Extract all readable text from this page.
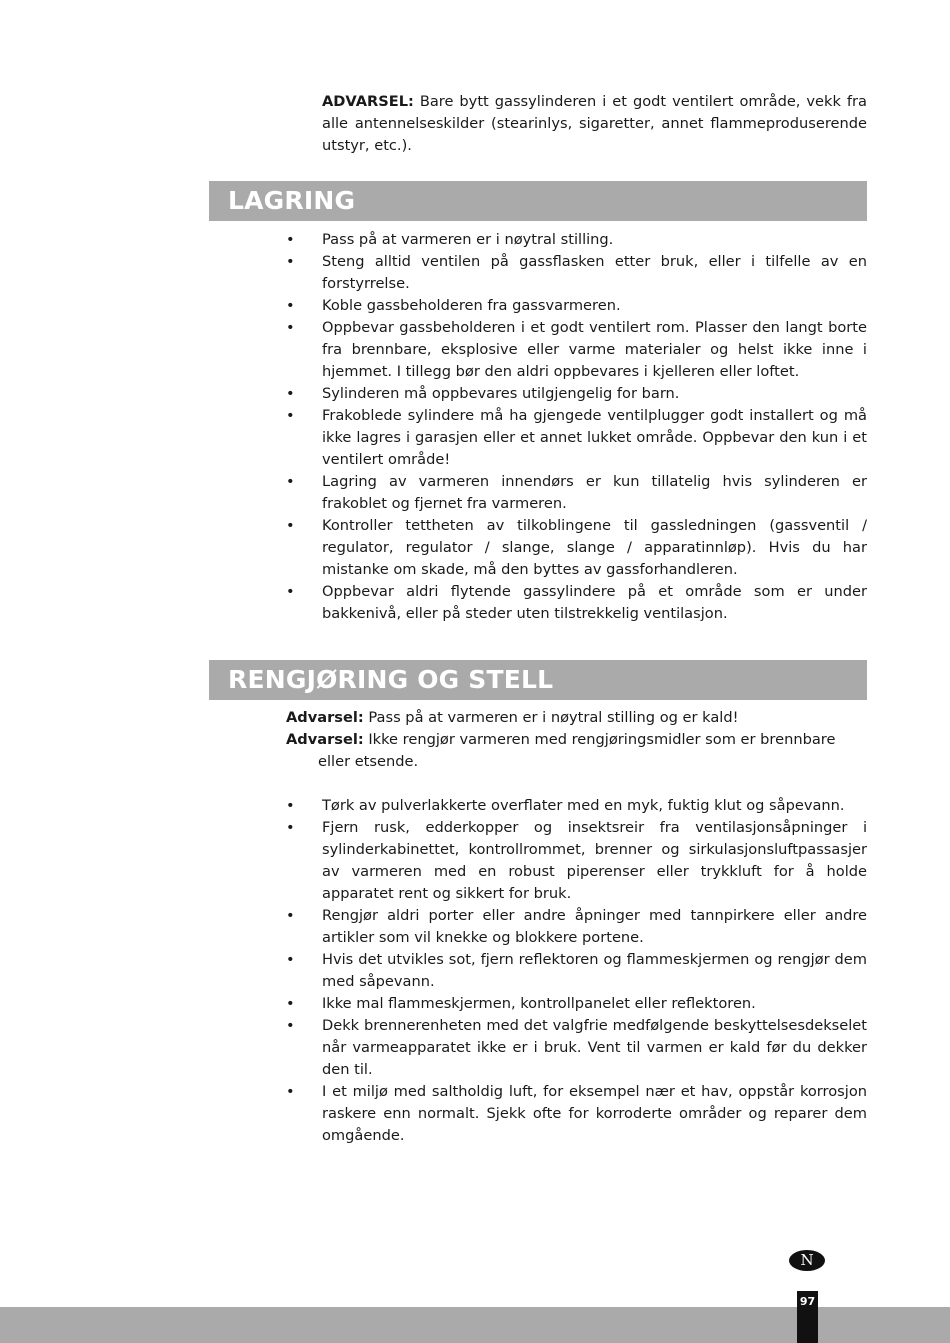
ADVARSEL: Bare bytt gassylinderen i et godt ventilert område, vekk fra alle antennelseskilder (stearinlys, sigaretter, annet flammeproduserende utstyr, etc.).
LAGRING
• Pass på at varmeren er i nøytral stilling.
• Steng alltid ventilen på gassflasken etter bruk, eller i tilfelle av en forstyrrelse.
• Koble gassbeholderen fra gassvarmeren.
• Oppbevar gassbeholderen i et godt ventilert rom. Plasser den langt borte fra brennbare, eksplosive eller varme materialer og helst ikke inne i hjemmet. I tillegg bør den aldri oppbevares i kjelleren eller loftet.
• Sylinderen må oppbevares utilgjengelig for barn.
• Frakoblede sylindere må ha gjengede ventilplugger godt installert og må ikke lagres i garasjen eller et annet lukket område. Oppbevar den kun i et ventilert område!
• Lagring av varmeren innendørs er kun tillatelig hvis sylinderen er frakoblet og fjernet fra varmeren.
• Kontroller tettheten av tilkoblingene til gassledningen (gassventil / regulator, regulator / slange, slange / apparatinnløp). Hvis du har mistanke om skade, må den byttes av gassforhandleren.
• Oppbevar aldri flytende gassylindere på et område som er under bakkenivå, eller på steder uten tilstrekkelig ventilasjon.
RENGJØRING OG STELL

Advarsel: Pass på at varmeren er i nøytral stilling og er kald!

Advarsel: Ikke rengjør varmeren med rengjøringsmidler som er brennbare eller etsende.

• Tørk av pulverlakkerte overflater med en myk, fuktig klut og såpevann.
• Fjern rusk, edderkopper og insektsreir fra ventilasjonsåpninger i sylinderkabinettet, kontrollrommet, brenner og sirkulasjonsluftpassasjer av varmeren med en robust piperenser eller trykkluft for å holde apparatet rent og sikkert for bruk.
• Rengjør aldri porter eller andre åpninger med tannpirkere eller andre artikler som vil knekke og blokkere portene.
• Hvis det utvikles sot, fjern reflektoren og flammeskjermen og rengjør dem med såpevann.
• Ikke mal flammeskjermen, kontrollpanelet eller reflektoren.
• Dekk brennerenheten med det valgfrie medfølgende beskyttelsesdekselet når varmeapparatet ikke er i bruk. Vent til varmen er kald før du dekker den til.
• I et miljø med saltholdig luft, for eksempel nær et hav, oppstår korrosjon raskere enn normalt. Sjekk ofte for korroderte områder og reparer dem omgående.
N
97
